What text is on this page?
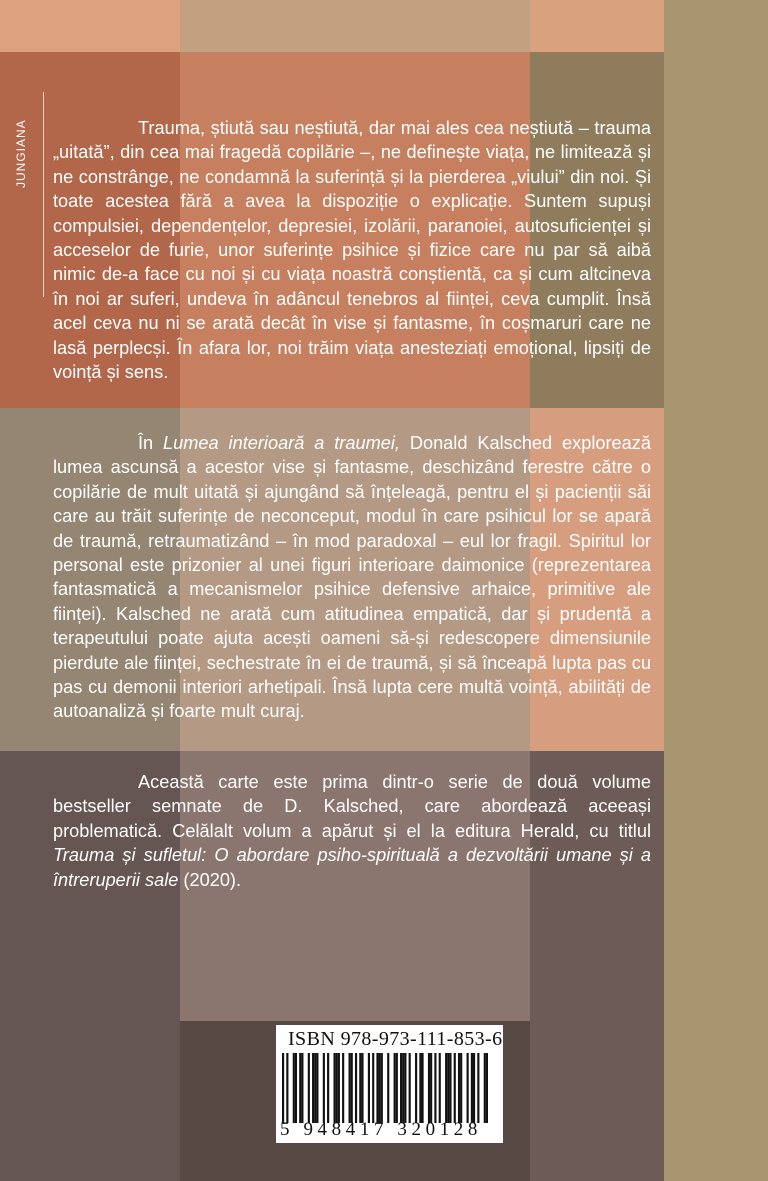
JUNGIANA	Trauma, știută sau neștiută, dar mai ales cea neștiută – trauma „uitată”, din cea mai fragedă copilărie –, ne definește viața, ne limitează și ne constrânge, ne condamnă la suferință și la pierderea „viului” din noi. Și toate acestea fără a avea la dispoziție o explicație. Suntem supuși compulsiei, dependențelor, depresiei, izolării, paranoiei, autosuficienței și acceselor de furie, unor suferințe psihice și fizice care nu par să aibă nimic de-a face cu noi și cu viața noastră conștientă, ca și cum altcineva în noi ar suferi, undeva în adâncul tenebros al ființei, ceva cumplit. Însă acel ceva nu ni se arată decât în vise și fantasme, în coșmaruri care ne lasă perplecși. În afara lor, noi trăim viața anesteziați emoțional, lipsiți de voință și sens.

În Lumea interioară a traumei, Donald Kalsched explorează lumea ascunsă a acestor vise și fantasme, deschizând ferestre către o copilărie de mult uitată și ajungând să înțeleagă, pentru el și pacienții săi care au trăit suferințe de neconceput, modul în care psihicul lor se apară de traumă, retraumatizând – în mod paradoxal – eul lor fragil. Spiritul lor personal este prizonier al unei figuri interioare daimonice (reprezentarea fantasmatică a mecanismelor psihice defensive arhaice, primitive ale ființei). Kalsched ne arată cum atitudinea empatică, dar și prudentă a terapeutului poate ajuta acești oameni să-și redescopere dimensiunile pierdute ale ființei, sechestrate în ei de traumă, și să înceapă lupta pas cu pas cu demonii interiori arhetipali. Însă lupta cere multă voință, abilități de autoanaliză și foarte mult curaj.

Această carte este prima dintr-o serie de două volume bestseller semnate de D. Kalsched, care abordează aceeași problematică. Celălalt volum a apărut și el la editura Herald, cu titlul Trauma și sufletul: O abordare psiho-spirituală a dezvoltării umane și a întreruperii sale (2020).

ISBN 978-973-111-853-6
5 948417 320128
